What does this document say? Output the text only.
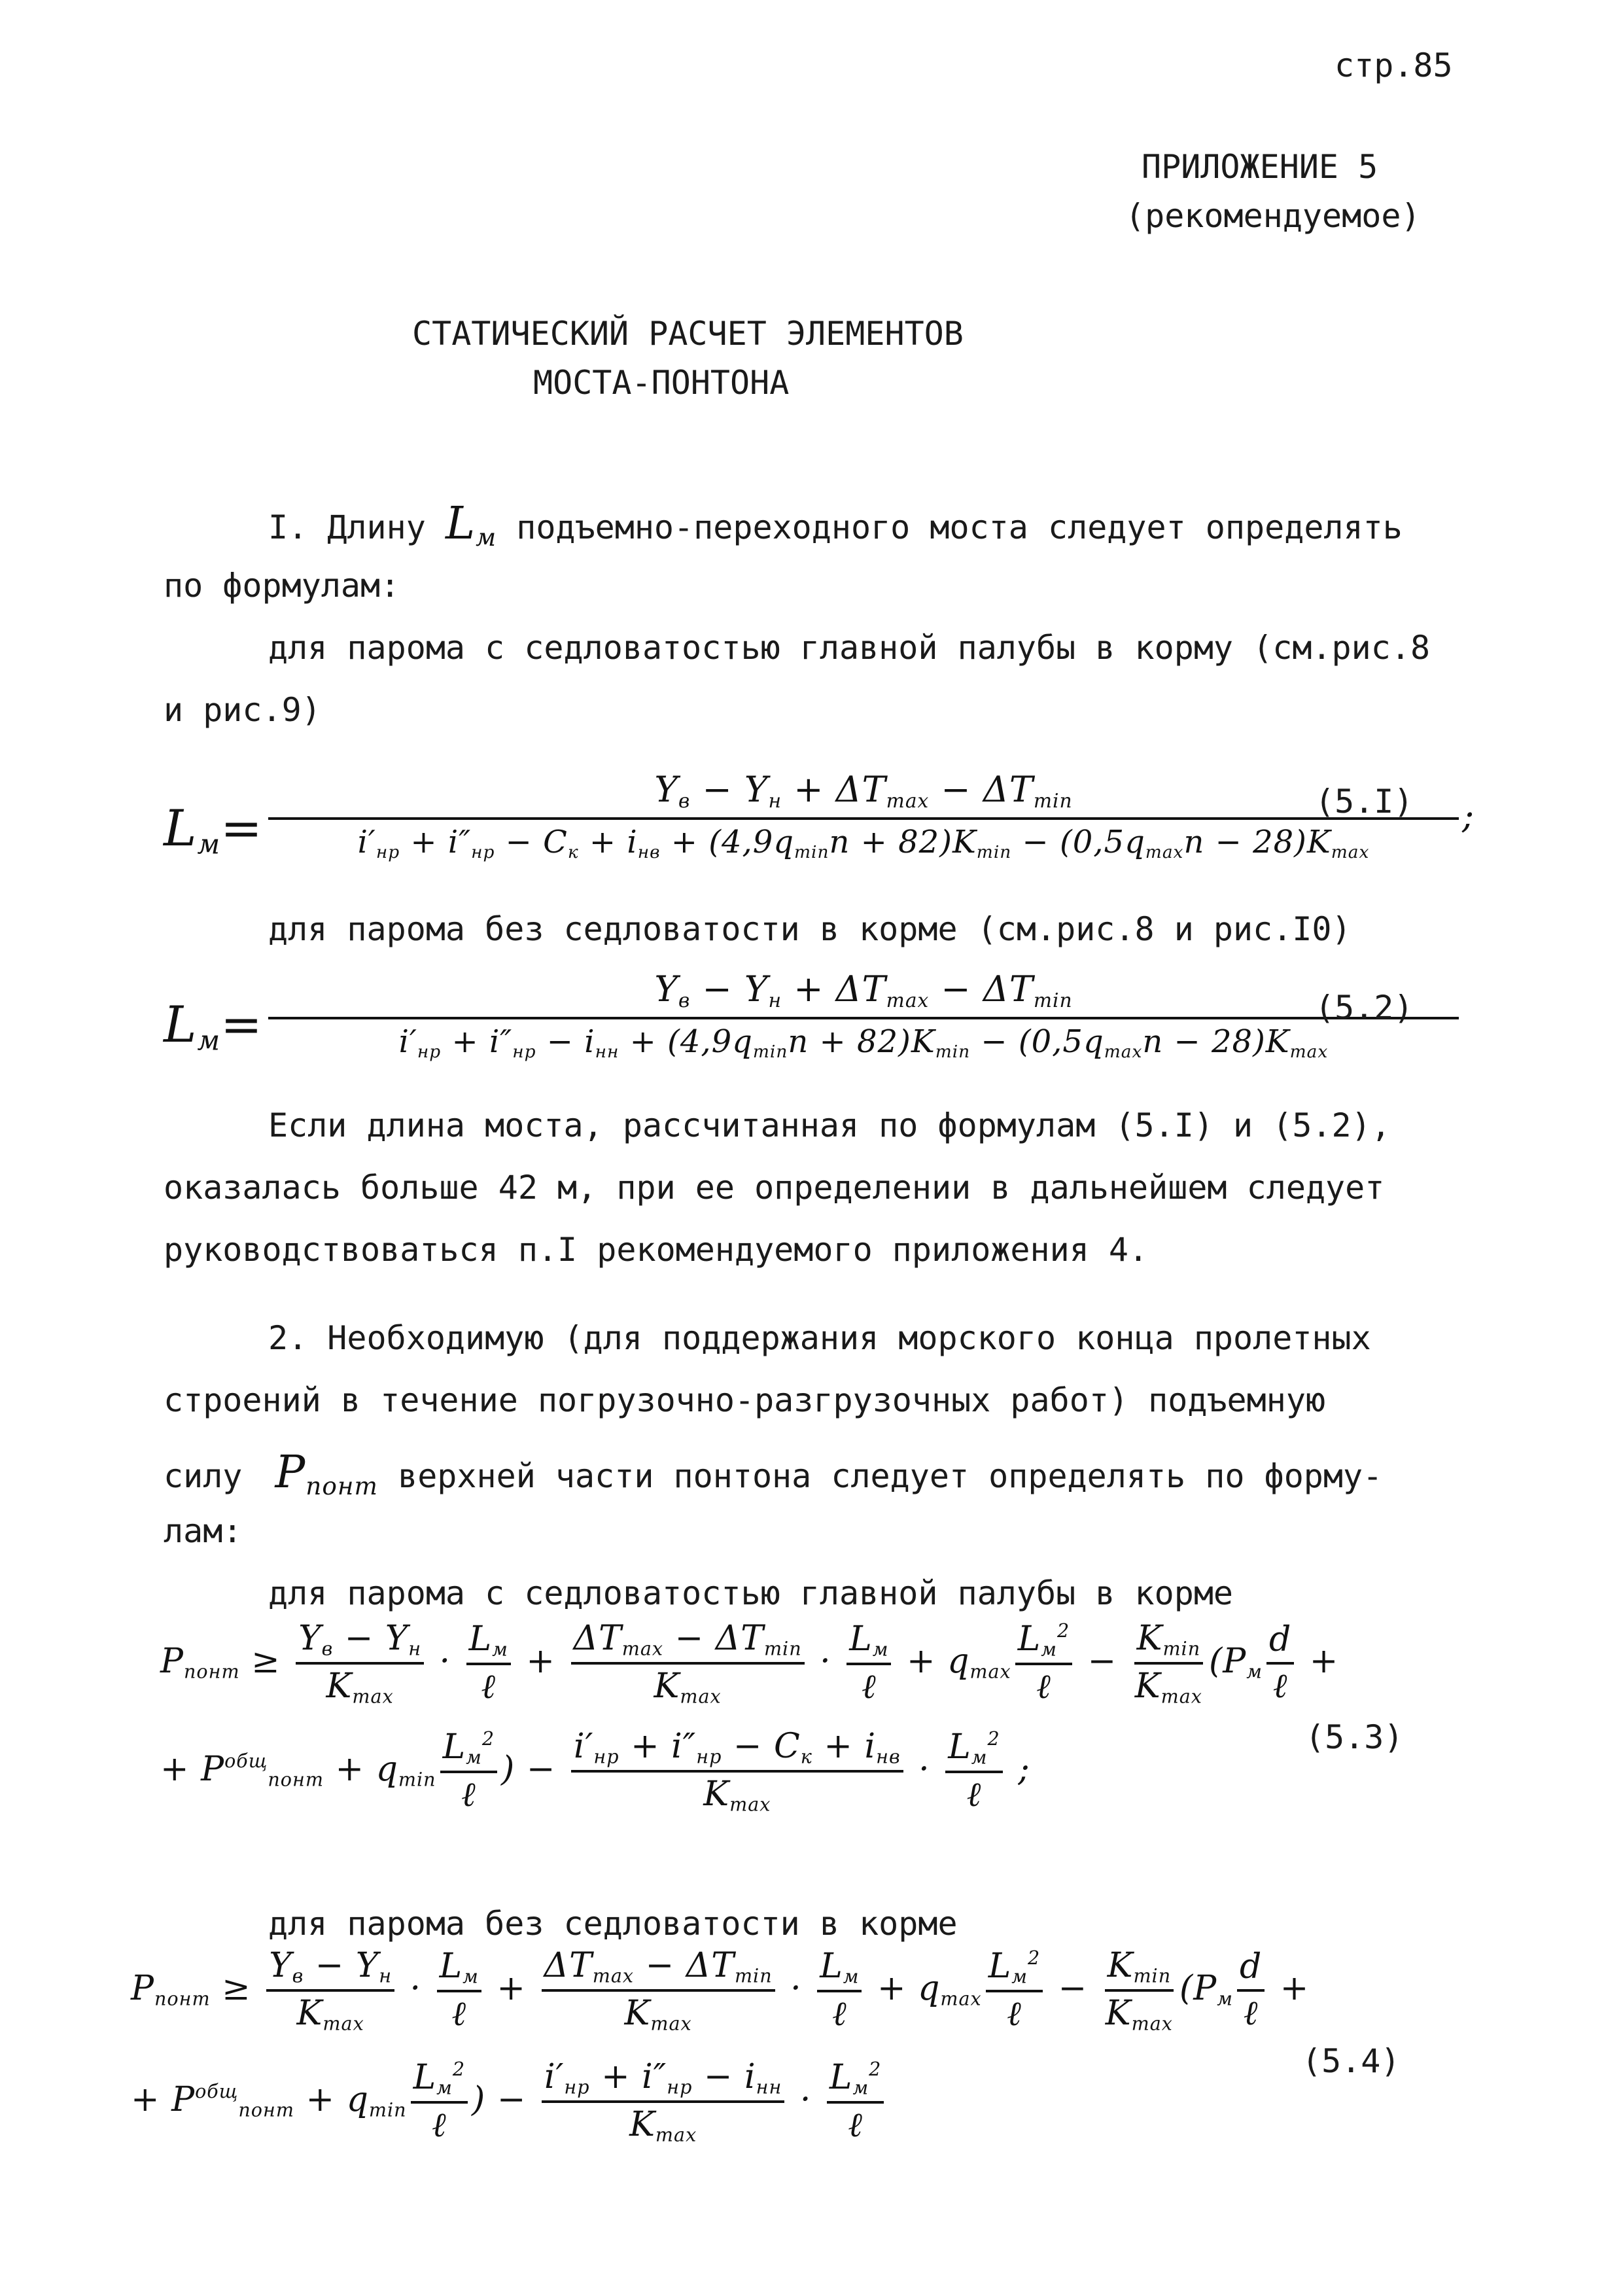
стр.85

ПРИЛОЖЕНИЕ 5

(рекомендуемое)

СТАТИЧЕСКИЙ РАСЧЕТ ЭЛЕМЕНТОВ

МОСТА-ПОНТОНА

I. Длину $L_м$ подъемно-переходного моста следует определять

по формулам:

для парома с седловатостью главной палубы в корму (см.рис.8

и рис.9)

$L_м=$
$Y_в - Y_н + \Delta T_{max} - \Delta T_{min}$
$i'_{нр} + i''_{нр} - C_к + i_{нв} + (4,9q_{min}n + 82)K_{min} - (0,5q_{max}n - 28)K_{max}$
;

(5.I)

для парома без седловатости в корме (см.рис.8 и рис.I0)

$L_м=$
$Y_в - Y_н + \Delta T_{max} - \Delta T_{min}$
$i'_{нр} + i''_{нр} - i_{нн} + (4,9q_{min}n + 82)K_{min} - (0,5q_{max}n - 28)K_{max}$

(5.2)

Если длина моста, рассчитанная по формулам (5.I) и (5.2),

оказалась больше 42 м, при ее определении в дальнейшем следует

руководствоваться п.I рекомендуемого приложения 4.

2. Необходимую (для поддержания морского конца пролетных

строений в течение погрузочно-разгрузочных работ) подъемную

силу $P_{понт}$ верхней части понтона следует определять по форму-

лам:

для парома с седловатостью главной палубы в корме

$P_{понт}$ ≥
$Y_в - Y_н$
$K_{max}$
·
$L_м$
ℓ
+
$\Delta T_{max} - \Delta T_{min}$
$K_{max}$
·
$L_м$
ℓ
+ $q_{max}$
$L_м^2$
ℓ
−
$K_{min}$
$K_{max}$
($P_м$
d
ℓ
+
+ $P^{общ}_{понт} + q_{min}$
$L_м^2$
ℓ
) −
$i'_{нр} + i''_{нр} - C_к + i_{нв}$
$K_{max}$
·
$L_м^2$
ℓ
;

(5.3)

для парома без седловатости в корме

$P_{понт}$ ≥
$Y_в - Y_н$
$K_{max}$
·
$L_м$
ℓ
+
$\Delta T_{max} - \Delta T_{min}$
$K_{max}$
·
$L_м$
ℓ
+ $q_{max}$
$L_м^2$
ℓ
−
$K_{min}$
$K_{max}$
($P_м$
d
ℓ
+
+ $P^{общ}_{понт} + q_{min}$
$L_м^2$
ℓ
) −
$i'_{нр} + i''_{нр} - i_{нн}$
$K_{max}$
·
$L_м^2$
ℓ

(5.4)
